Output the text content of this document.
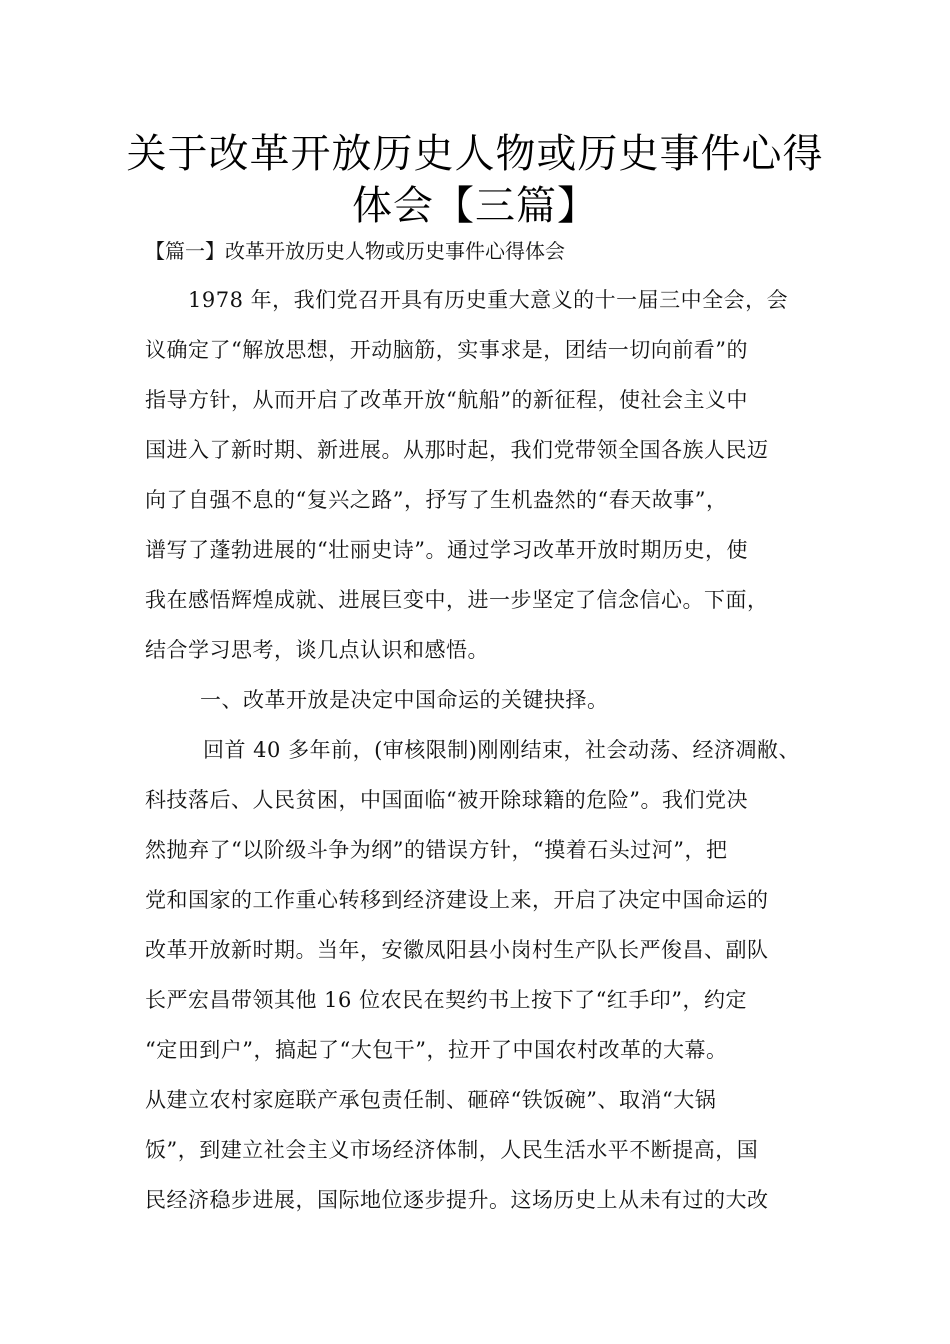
关于改革开放历史人物或历史事件心得
体会【三篇】
【篇一】改革开放历史人物或历史事件心得体会
1978 年，我们党召开具有历史重大意义的十一届三中全会，会
议确定了“解放思想，开动脑筋，实事求是，团结一切向前看”的
指导方针，从而开启了改革开放“航船”的新征程，使社会主义中
国进入了新时期、新进展。从那时起，我们党带领全国各族人民迈
向了自强不息的“复兴之路”，抒写了生机盎然的“春天故事”，
谱写了蓬勃进展的“壮丽史诗”。通过学习改革开放时期历史，使
我在感悟辉煌成就、进展巨变中，进一步坚定了信念信心。下面，
结合学习思考，谈几点认识和感悟。
一、改革开放是决定中国命运的关键抉择。
回首 40 多年前，(审核限制)刚刚结束，社会动荡、经济凋敝、
科技落后、人民贫困，中国面临“被开除球籍的危险”。我们党决
然抛弃了“以阶级斗争为纲”的错误方针，“摸着石头过河”，把
党和国家的工作重心转移到经济建设上来，开启了决定中国命运的
改革开放新时期。当年，安徽凤阳县小岗村生产队长严俊昌、副队
长严宏昌带领其他 16 位农民在契约书上按下了“红手印”，约定
“定田到户”，搞起了“大包干”，拉开了中国农村改革的大幕。
从建立农村家庭联产承包责任制、砸碎“铁饭碗”、取消“大锅
饭”，到建立社会主义市场经济体制，人民生活水平不断提高，国
民经济稳步进展，国际地位逐步提升。这场历史上从未有过的大改
